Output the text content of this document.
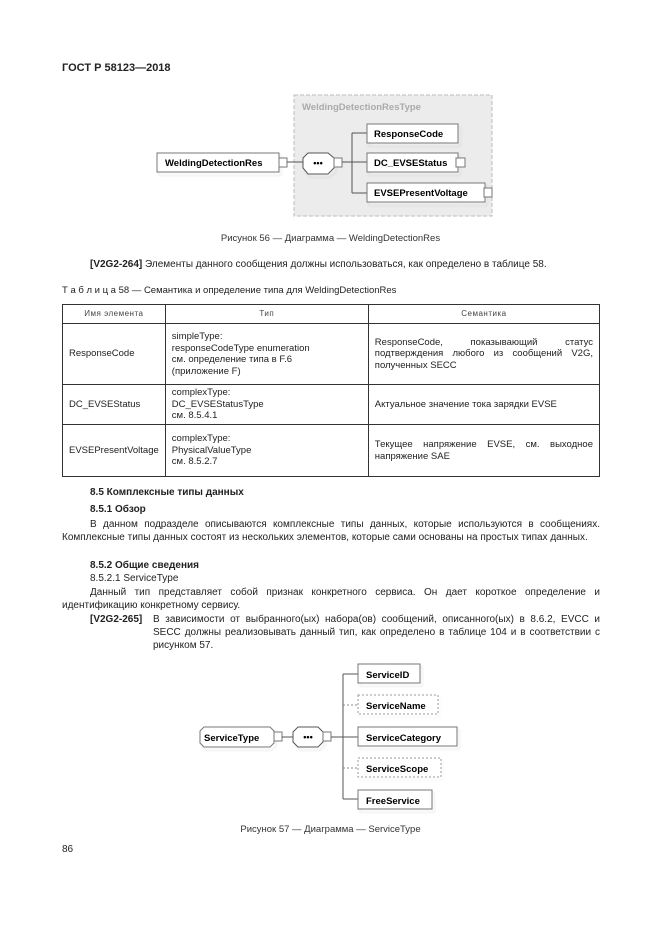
ГОСТ Р 58123—2018
WeldingDetectionResType
WeldingDetectionRes	•••
ResponseCode
DC_EVSEStatus
EVSEPresentVoltage
Рисунок 56 — Диаграмма — WeldingDetectionRes
[V2G2-264] Элементы данного сообщения должны использоваться, как определено в таблице 58.
Т а б л и ц а 58 — Семантика и определение типа для WeldingDetectionRes
Имя элемента	Тип	Семантика
ResponseCode	simpleType:
responseCodeType enumeration
см. определение типа в F.6
(приложение F)	ResponseCode, показывающий статус подтверждения любого из сообщений V2G, полученных SECC
DC_EVSEStatus	complexType:
DC_EVSEStatusType
см. 8.5.4.1	Актуальное значение тока зарядки EVSE
EVSEPresentVoltage	complexType:
PhysicalValueType
см. 8.5.2.7	Текущее напряжение EVSE, см. выходное напряжение SAE
8.5 Комплексные типы данных
8.5.1 Обзор
В данном подразделе описываются комплексные типы данных, которые используются в сообщениях. Комплексные типы данных состоят из нескольких элементов, которые сами основаны на простых типах данных.
8.5.2 Общие сведения
8.5.2.1 ServiceType
Данный тип представляет собой признак конкретного сервиса. Он дает короткое определение и идентификацию конкретному сервису.
[V2G2-265] В зависимости от выбранного(ых) набора(ов) сообщений, описанного(ых) в 8.6.2, EVCC и SECC должны реализовывать данный тип, как определено в таблице 104 и в соответствии с рисунком 57.
ServiceType	•••
ServiceID
ServiceName
ServiceCategory
ServiceScope
FreeService
Рисунок 57 — Диаграмма — ServiceType
86
